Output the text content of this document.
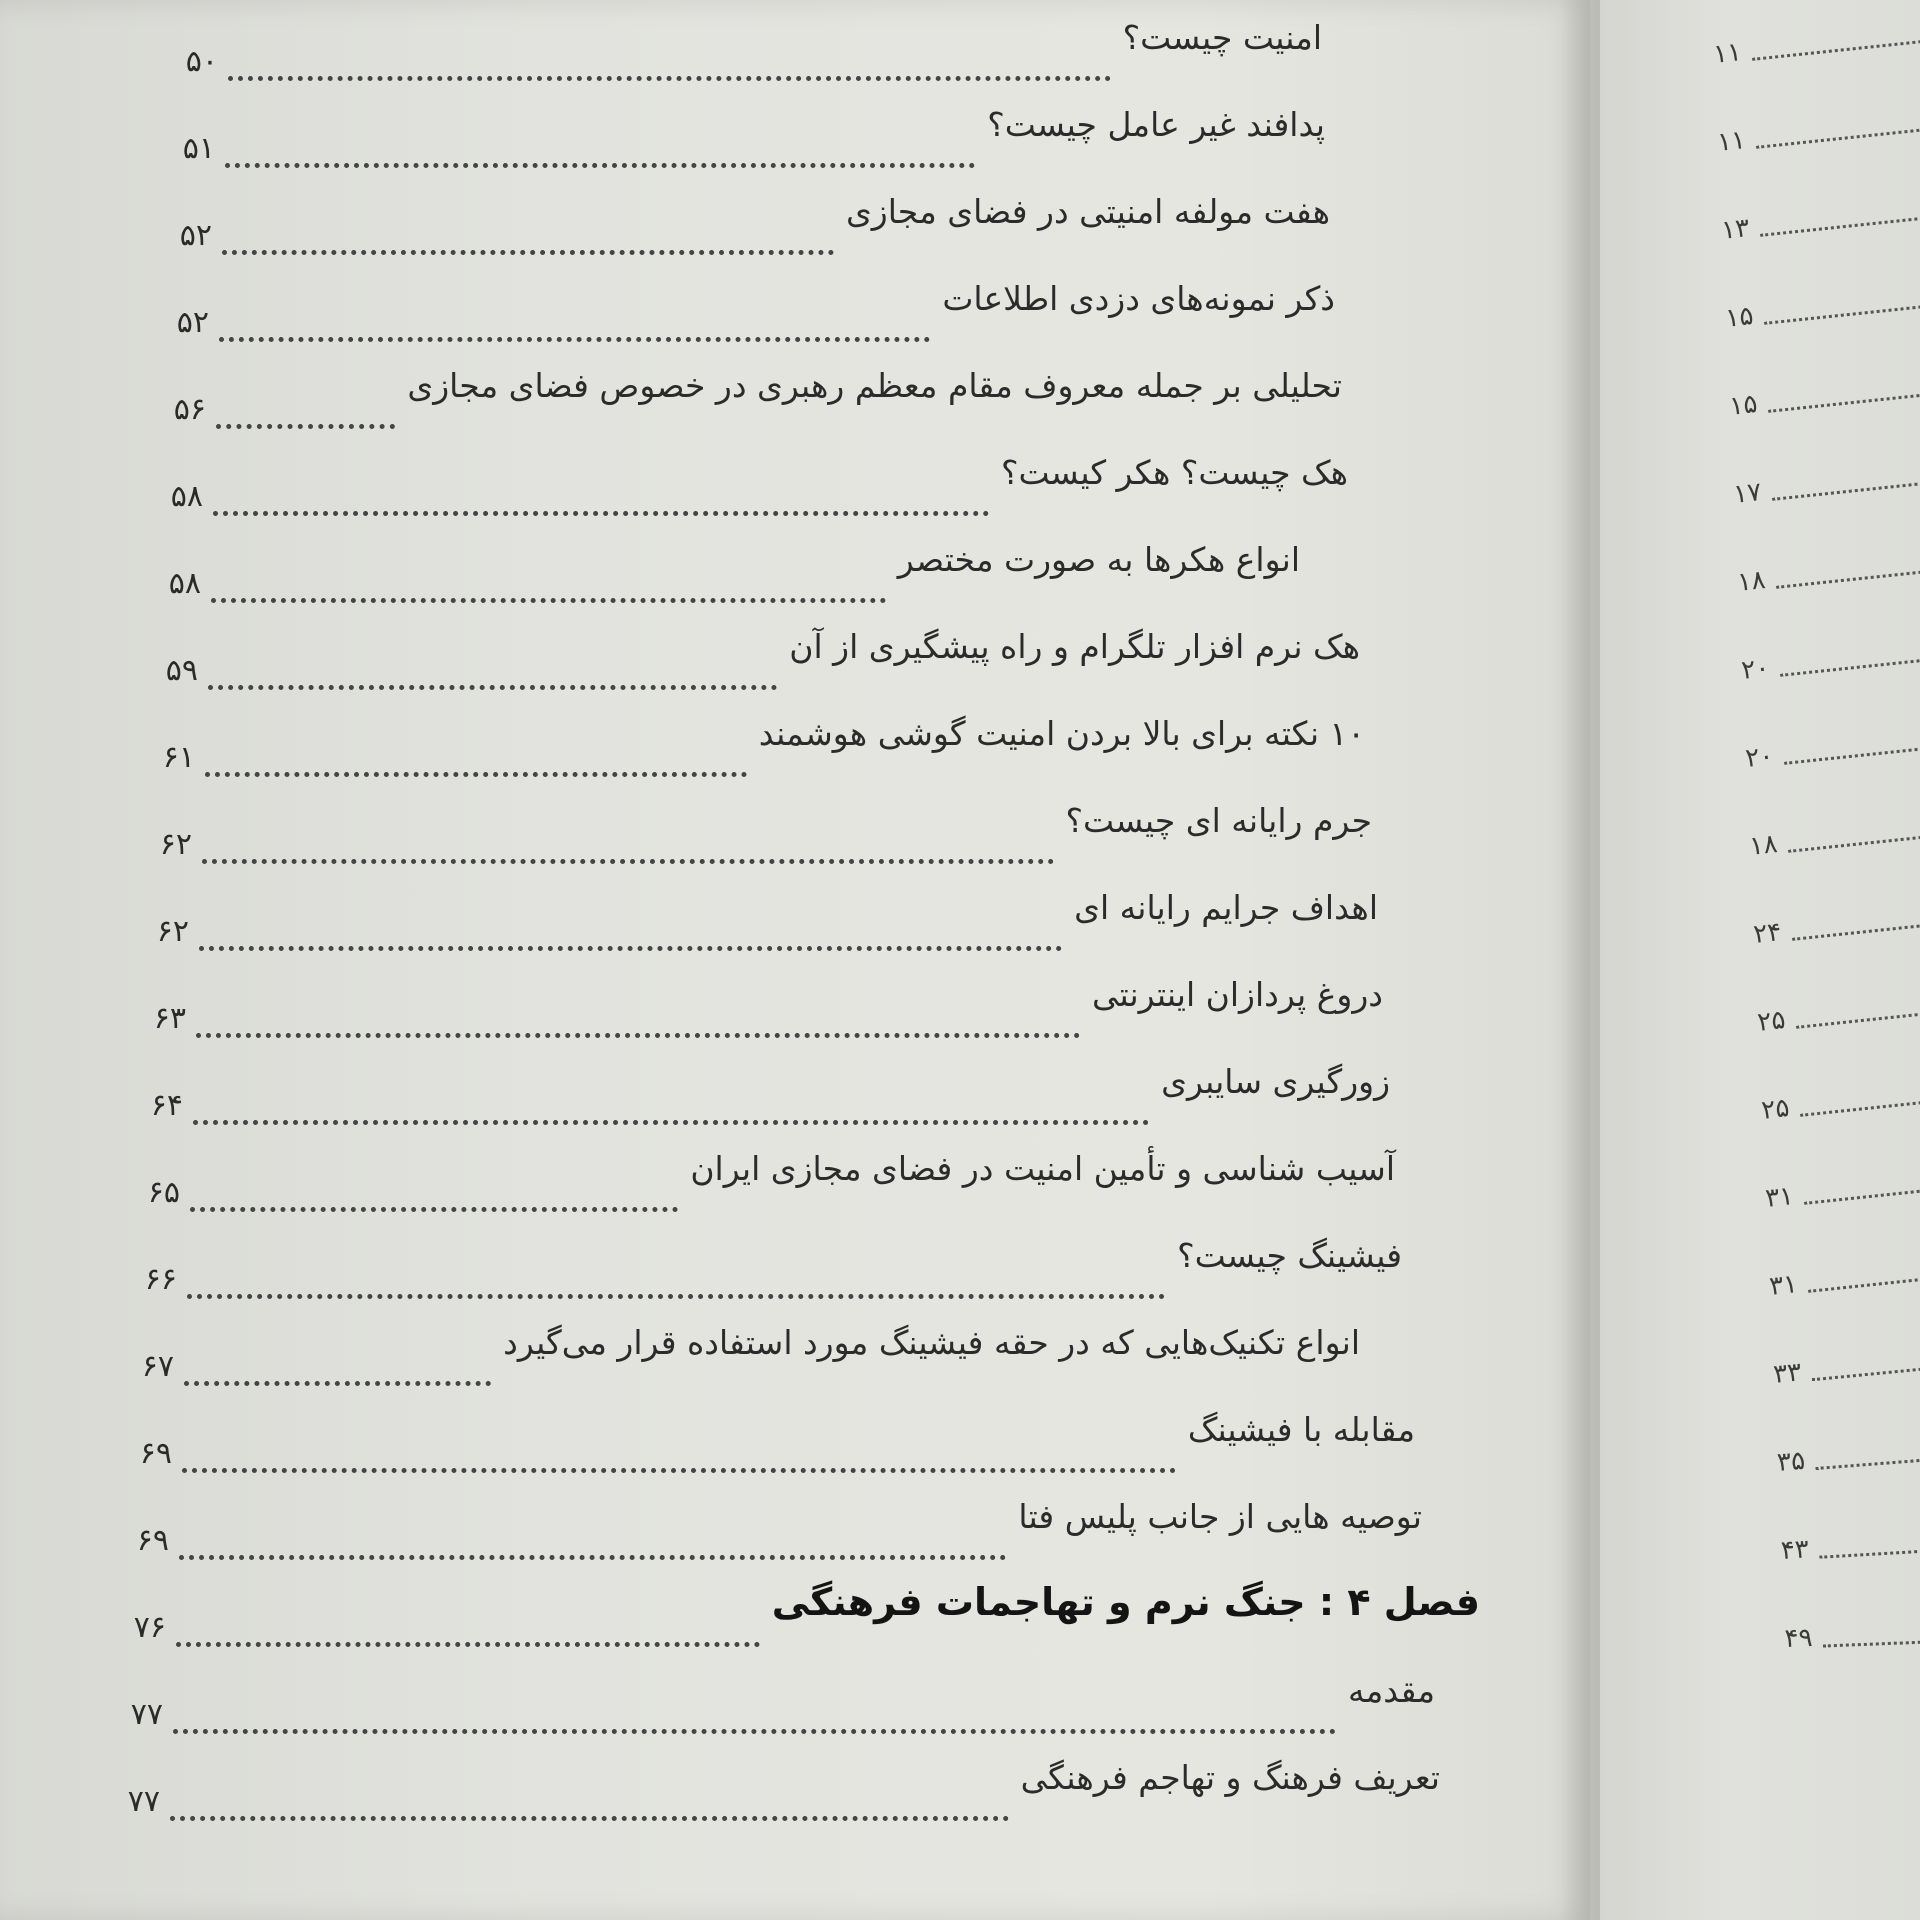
امنیت چیست؟
۵۰
پدافند غیر عامل چیست؟
۵۱
هفت مولفه امنیتی در فضای مجازی
۵۲
ذکر نمونه‌های دزدی اطلاعات
۵۲
تحلیلی بر جمله معروف مقام معظم رهبری در خصوص فضای مجازی
۵۶
هک چیست؟ هکر کیست؟
۵۸
انواع هکرها به صورت مختصر
۵۸
هک نرم افزار تلگرام و راه پیشگیری از آن
۵۹
۱۰ نکته برای بالا بردن امنیت گوشی هوشمند
۶۱
جرم رایانه ای چیست؟
۶۲
اهداف جرایم رایانه ای
۶۲
دروغ پردازان اینترنتی
۶۳
زورگیری سایبری
۶۴
آسیب شناسی و تأمین امنیت در فضای مجازی ایران
۶۵
فیشینگ چیست؟
۶۶
انواع تکنیک‌هایی که در حقه فیشینگ مورد استفاده قرار می‌گیرد
۶۷
مقابله با فیشینگ
۶۹
توصیه هایی از جانب پلیس فتا
۶۹
فصل ۴ : جنگ نرم و تهاجمات فرهنگی
۷۶
مقدمه
۷۷
تعریف فرهنگ و تهاجم فرهنگی
۷۷
۱۱
۱۱
۱۳
۱۵
۱۵
۱۷
۱۸
۲۰
۲۰
۱۸
۲۴
۲۵
۲۵
۳۱
۳۱
۳۳
۳۵
۴۳
۴۹
